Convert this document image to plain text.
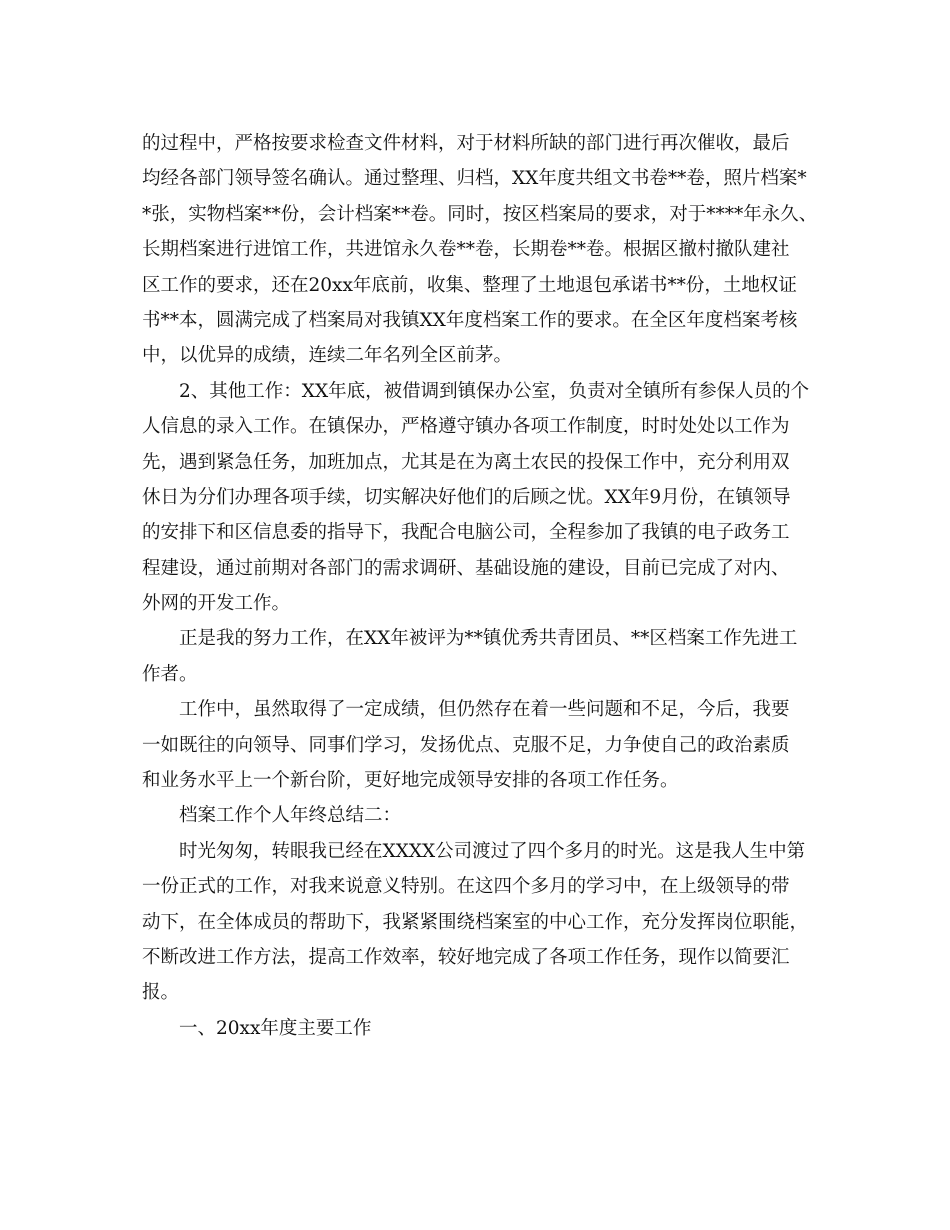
的过程中，严格按要求检查文件材料，对于材料所缺的部门进行再次催收，最后
均经各部门领导签名确认。通过整理、归档，XX年度共组文书卷**卷，照片档案*
*张，实物档案**份，会计档案**卷。同时，按区档案局的要求，对于****年永久、
长期档案进行进馆工作，共进馆永久卷**卷，长期卷**卷。根据区撤村撤队建社
区工作的要求，还在20xx年底前，收集、整理了土地退包承诺书**份，土地权证
书**本，圆满完成了档案局对我镇XX年度档案工作的要求。在全区年度档案考核
中，以优异的成绩，连续二年名列全区前茅。
2、其他工作：XX年底，被借调到镇保办公室，负责对全镇所有参保人员的个
人信息的录入工作。在镇保办，严格遵守镇办各项工作制度，时时处处以工作为
先，遇到紧急任务，加班加点，尤其是在为离土农民的投保工作中，充分利用双
休日为分们办理各项手续，切实解决好他们的后顾之忧。XX年9月份，在镇领导
的安排下和区信息委的指导下，我配合电脑公司，全程参加了我镇的电子政务工
程建设，通过前期对各部门的需求调研、基础设施的建设，目前已完成了对内、
外网的开发工作。
正是我的努力工作，在XX年被评为**镇优秀共青团员、**区档案工作先进工
作者。
工作中，虽然取得了一定成绩，但仍然存在着一些问题和不足，今后，我要
一如既往的向领导、同事们学习，发扬优点、克服不足，力争使自己的政治素质
和业务水平上一个新台阶，更好地完成领导安排的各项工作任务。
档案工作个人年终总结二：
时光匆匆，转眼我已经在XXXX公司渡过了四个多月的时光。这是我人生中第
一份正式的工作，对我来说意义特别。在这四个多月的学习中，在上级领导的带
动下，在全体成员的帮助下，我紧紧围绕档案室的中心工作，充分发挥岗位职能，
不断改进工作方法，提高工作效率，较好地完成了各项工作任务，现作以简要汇
报。
一、20xx年度主要工作
